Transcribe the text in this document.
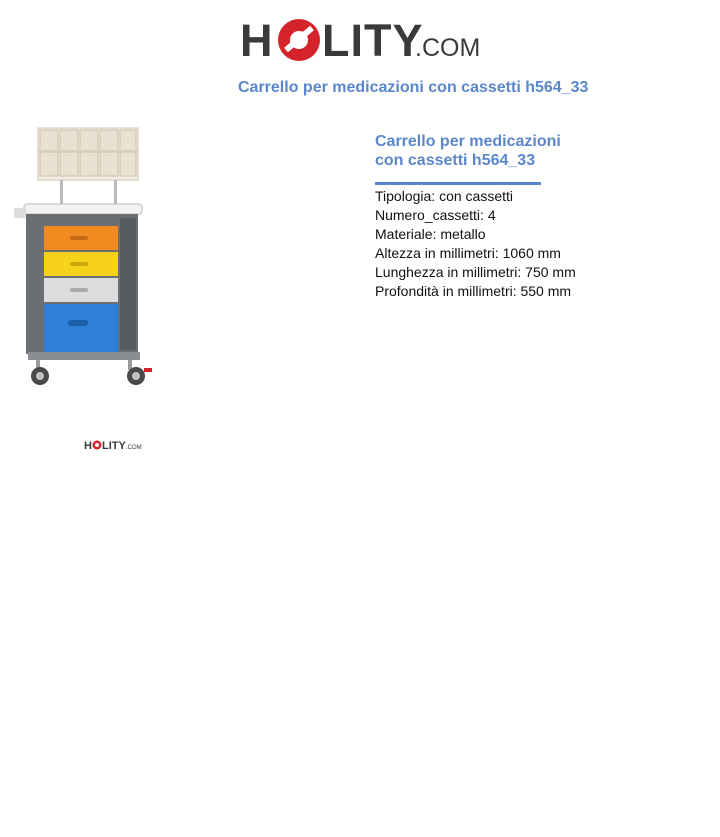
H LITY
.COM
Carrello per medicazioni con cassetti h564_33
H LITY .COM
Carrello per medicazioni con cassetti h564_33
Tipologia: con cassetti
Numero_cassetti: 4
Materiale: metallo
Altezza in millimetri: 1060 mm
Lunghezza in millimetri: 750 mm
Profondità in millimetri: 550 mm
